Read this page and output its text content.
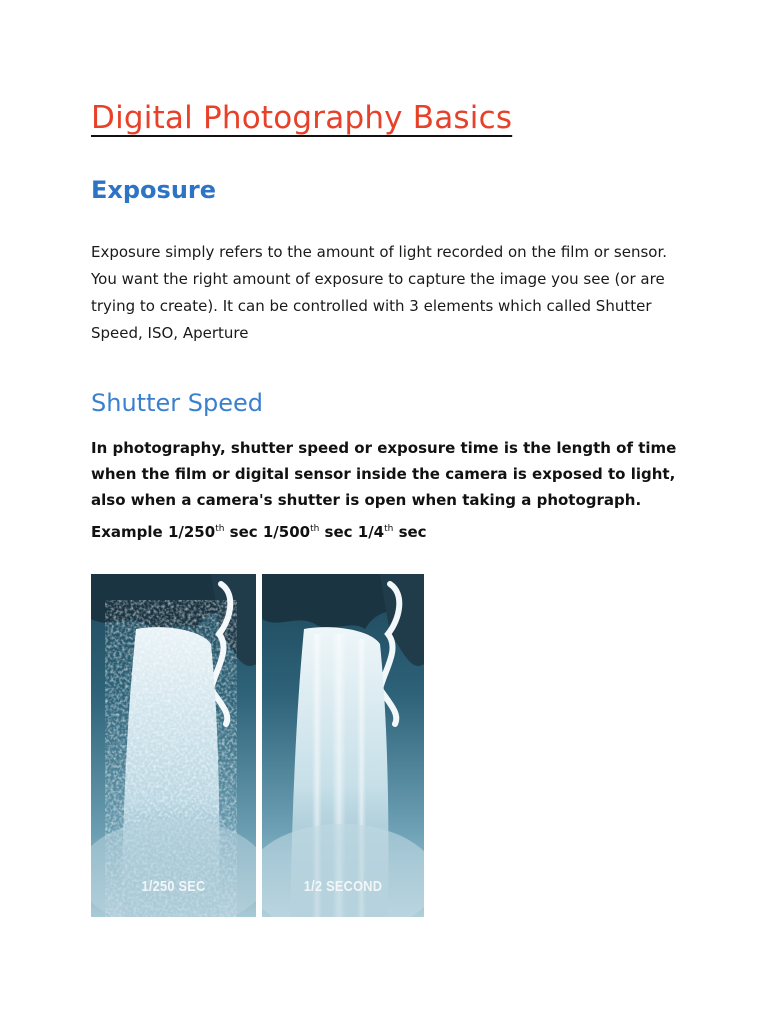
Digital Photography Basics
Exposure

Exposure simply refers to the amount of light recorded on the film or sensor. You want the right amount of exposure to capture the image you see (or are trying to create). It can be controlled with 3 elements which called Shutter Speed, ISO, Aperture

Shutter Speed

In photography, shutter speed or exposure time is the length of time when the film or digital sensor inside the camera is exposed to light, also when a camera's shutter is open when taking a photograph.

Example 1/250th sec 1/500th sec 1/4th sec

1/250 SEC	1/2 SECOND
